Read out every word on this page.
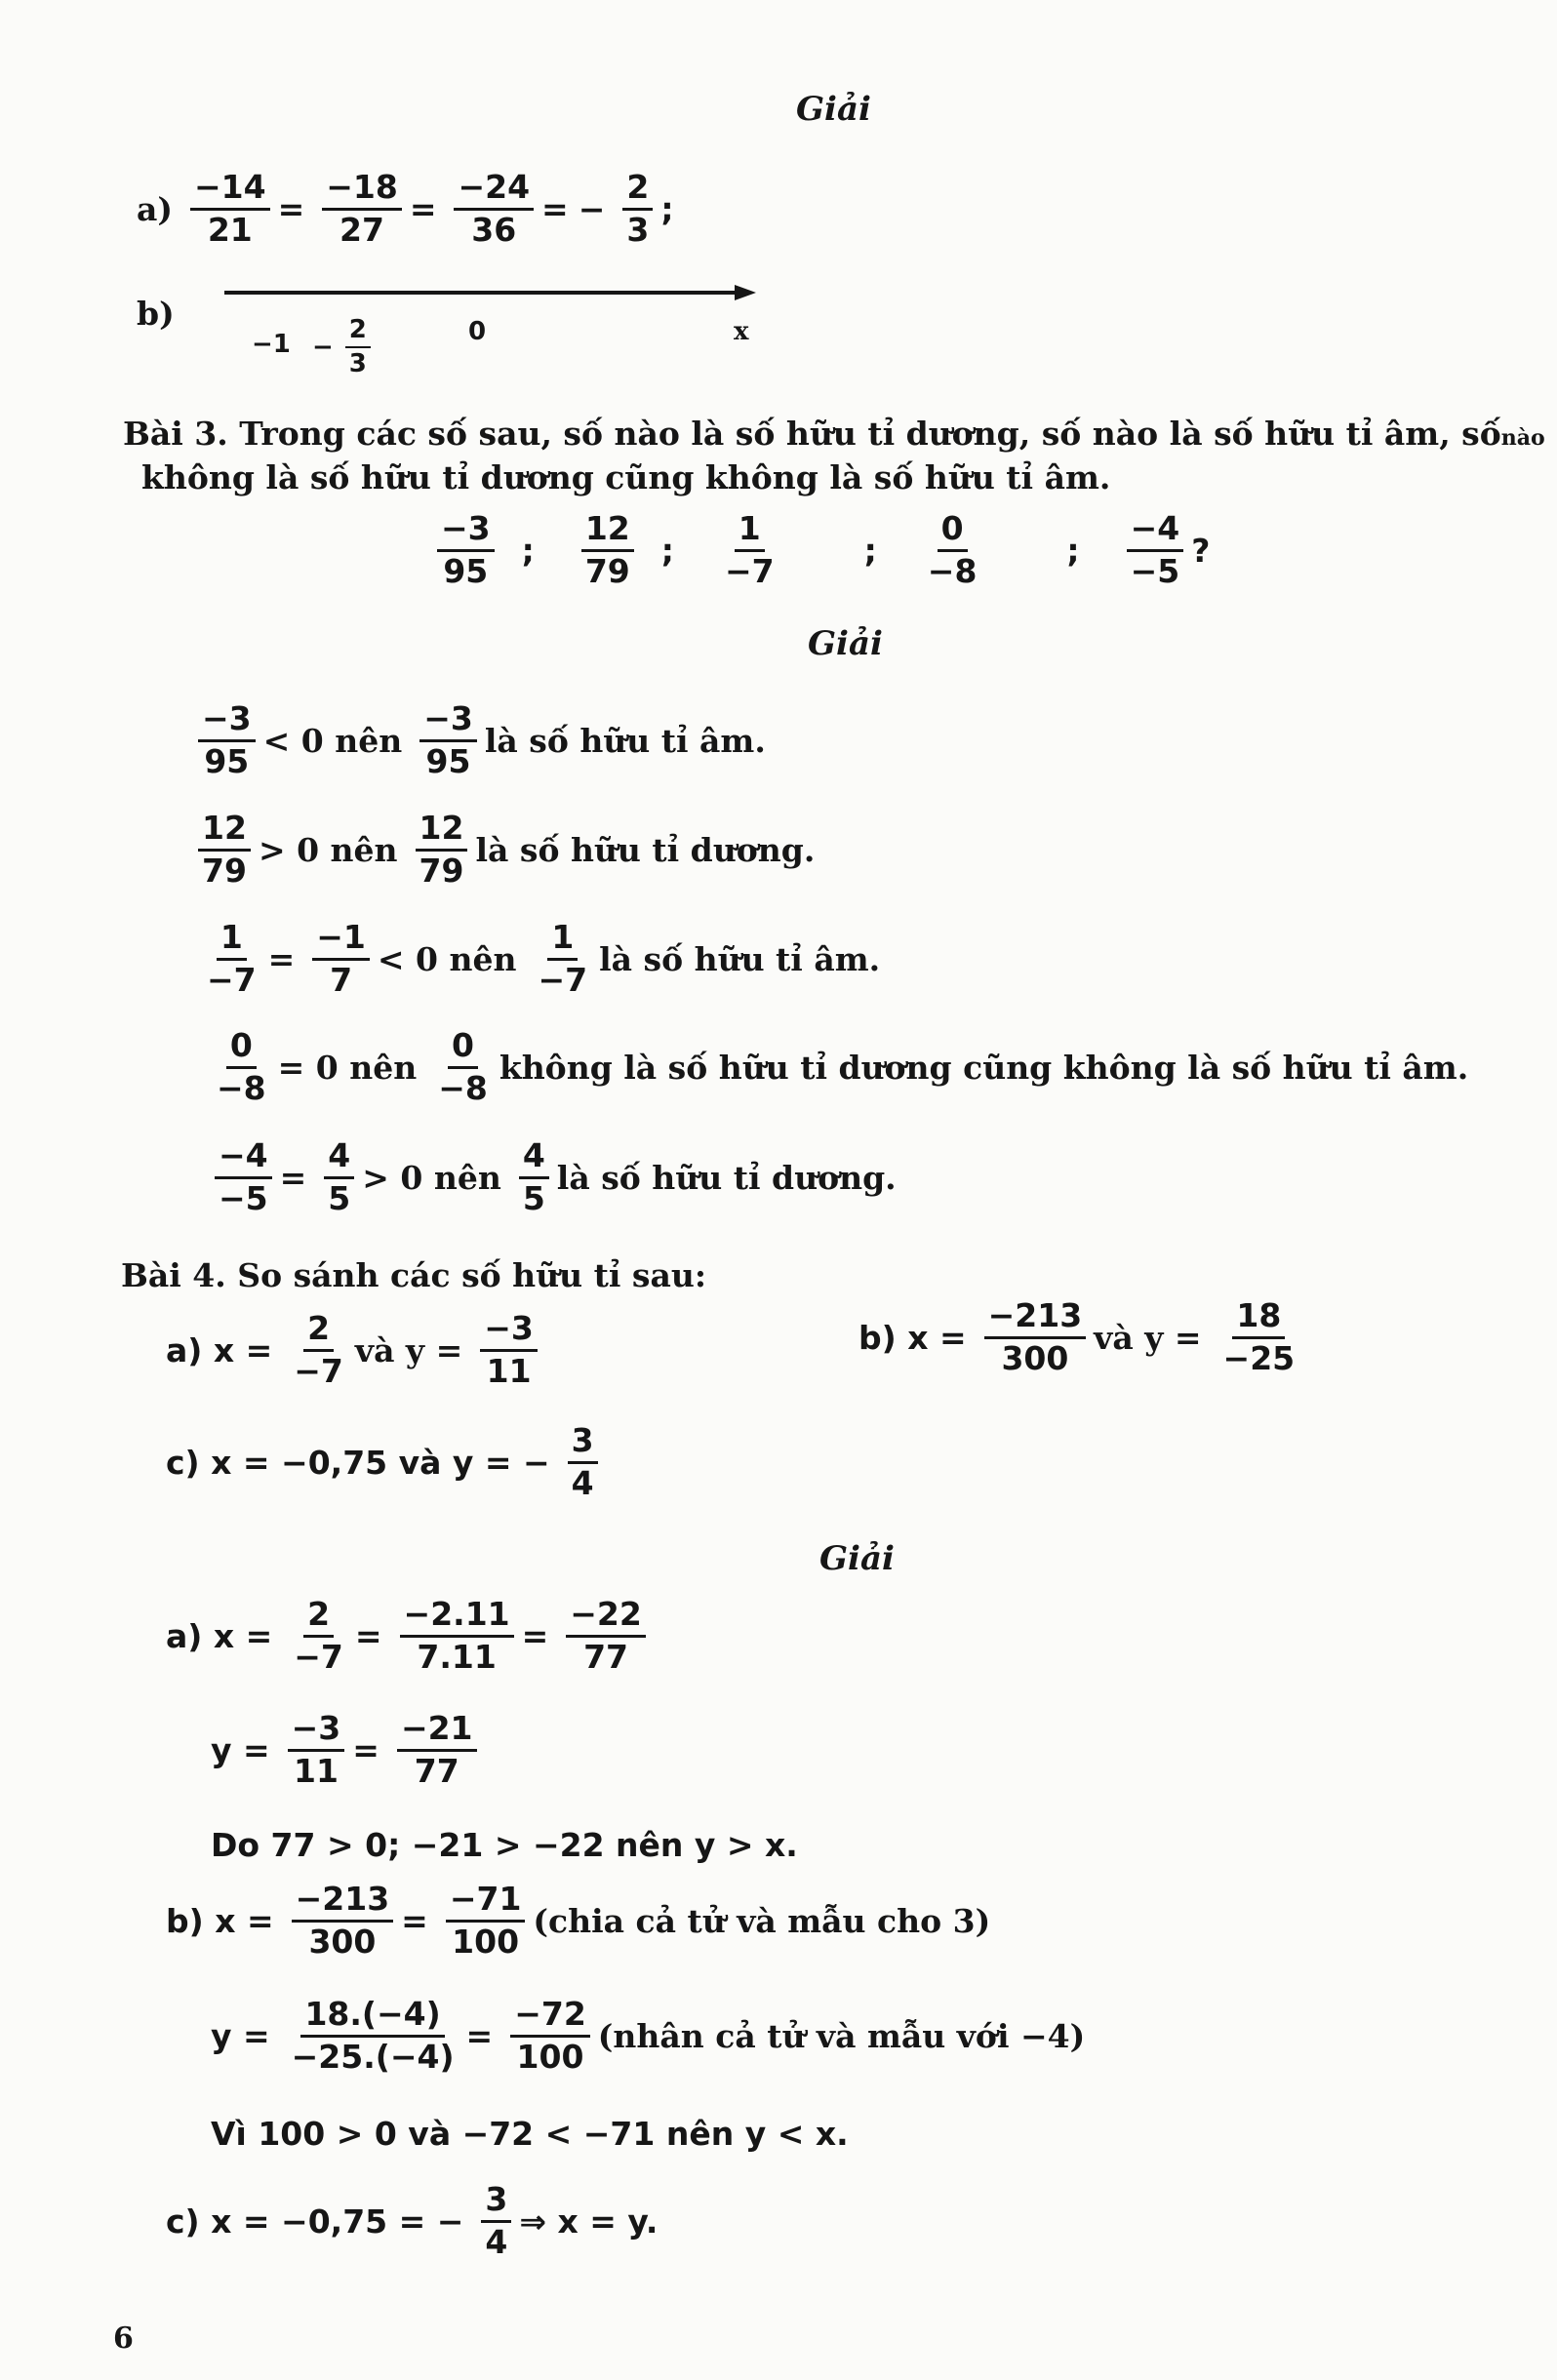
Giải
$a) \frac{-14}{21} = \frac{-18}{27} = \frac{-24}{36}$ = − $\frac{2}{3}$ ;
b)
$-1 - \frac{2}{3}$	0	x
Bài 3. Trong các số sau, số nào là số hữu tỉ dương, số nào là số hữu tỉ âm, sốnào
không là số hữu tỉ dương cũng không là số hữu tỉ âm.
$\frac{-3}{95}$ ; $\frac{12}{79}$ ; $\frac{1}{-7}$	; $\frac{0}{-8}$	; $\frac{-4}{-5}$ ?
Giải
$\frac{-3}{95} < 0$ nên $\frac{-3}{95}$ là số hữu tỉ âm.
$\frac{12}{79} > 0$ nên $\frac{12}{79}$ là số hữu tỉ dương.
$\frac{1}{-7} = \frac{-1}{7} < 0$ nên $\frac{1}{-7}$ là số hữu tỉ âm.
$\frac{0}{-8} = 0$ nên $\frac{0}{-8}$ không là số hữu tỉ dương cũng không là số hữu tỉ âm.
$\frac{-4}{-5} = \frac{4}{5} > 0$ nên $\frac{4}{5}$ là số hữu tỉ dương.
Bài 4. So sánh các số hữu tỉ sau:
a) $x = \frac{2}{-7}$ và $y = \frac{-3}{11}$	b) $x = \frac{-213}{300}$ và $y = \frac{18}{-25}$
c) x = −0,75 và y = − $\frac{3}{4}$
Giải
a) $x = \frac{2}{-7} = \frac{-2.11}{7.11} = \frac{-22}{77}$
$y = \frac{-3}{11} = \frac{-21}{77}$
Do 77 > 0; −21 > −22 nên y > x.
b) $x = \frac{-213}{300} = \frac{-71}{100}$ (chia cả tử và mẫu cho 3)
$y = \frac{18.(-4)}{-25.(-4)} = \frac{-72}{100}$ (nhân cả tử và mẫu với −4)
Vì 100 > 0 và −72 < −71 nên y < x.
c) x = −0,75 = − $\frac{3}{4}$ ⇒ x = y.
6
